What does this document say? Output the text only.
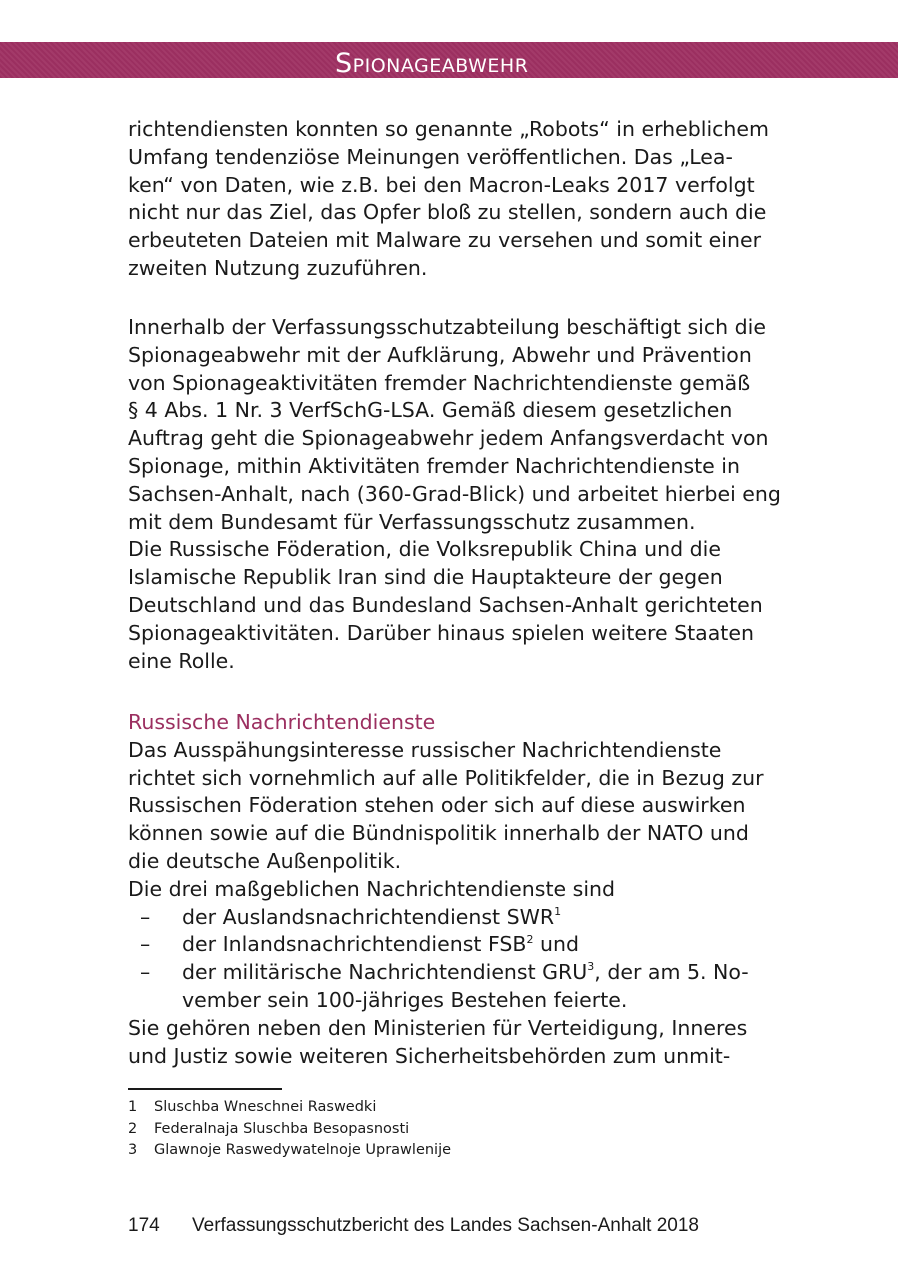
Spionageabwehr
richtendiensten konnten so genannte „Robots“ in erheblichem
Umfang tendenziöse Meinungen veröffentlichen. Das „Lea-
ken“ von Daten, wie z.B. bei den Macron-Leaks 2017 verfolgt
nicht nur das Ziel, das Opfer bloß zu stellen, sondern auch die
erbeuteten Dateien mit Malware zu versehen und somit einer
zweiten Nutzung zuzuführen.
Innerhalb der Verfassungsschutzabteilung beschäftigt sich die
Spionageabwehr mit der Aufklärung, Abwehr und Prävention
von Spionageaktivitäten fremder Nachrichtendienste gemäß
§ 4 Abs. 1 Nr. 3 VerfSchG-LSA. Gemäß diesem gesetzlichen
Auftrag geht die Spionageabwehr jedem Anfangsverdacht von
Spionage, mithin Aktivitäten fremder Nachrichtendienste in
Sachsen-Anhalt, nach (360-Grad-Blick) und arbeitet hierbei eng
mit dem Bundesamt für Verfassungsschutz zusammen.
Die Russische Föderation, die Volksrepublik China und die
Islamische Republik Iran sind die Hauptakteure der gegen
Deutschland und das Bundesland Sachsen-Anhalt gerichteten
Spionageaktivitäten. Darüber hinaus spielen weitere Staaten
eine Rolle.
Russische Nachrichtendienste
Das Ausspähungsinteresse russischer Nachrichtendienste
richtet sich vornehmlich auf alle Politikfelder, die in Bezug zur
Russischen Föderation stehen oder sich auf diese auswirken
können sowie auf die Bündnispolitik innerhalb der NATO und
die deutsche Außenpolitik.
Die drei maßgeblichen Nachrichtendienste sind
– der Auslandsnachrichtendienst SWR$^1$
– der Inlandsnachrichtendienst FSB$^2$ und
– der militärische Nachrichtendienst GRU$^3$, der am 5. No-
vember sein 100-jähriges Bestehen feierte.
Sie gehören neben den Ministerien für Verteidigung, Inneres
und Justiz sowie weiteren Sicherheitsbehörden zum unmit-
1 Sluschba Wneschnei Raswedki
2 Federalnaja Sluschba Besopasnosti
3 Glawnoje Raswedywatelnoje Uprawlenije
174 Verfassungsschutzbericht des Landes Sachsen-Anhalt 2018
